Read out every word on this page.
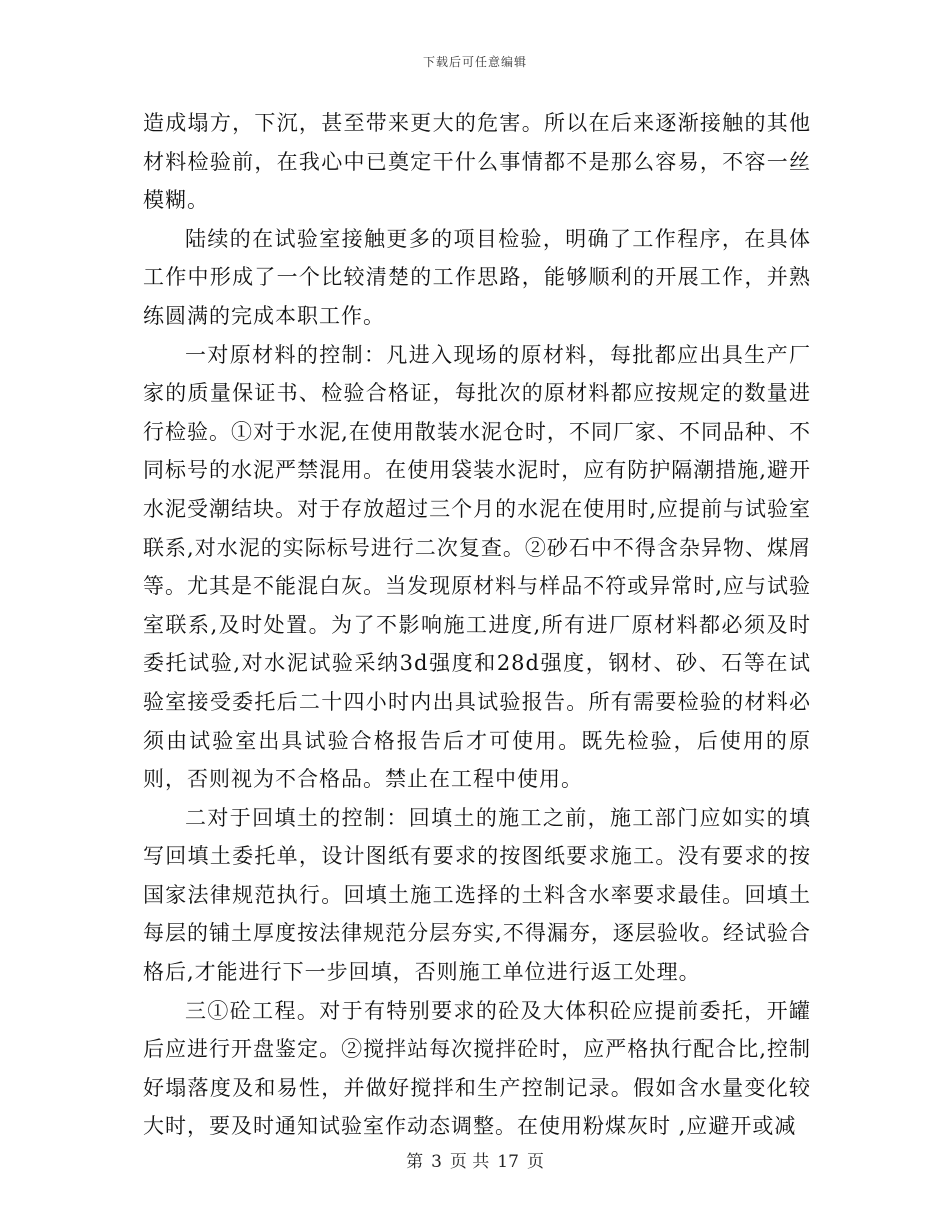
下载后可任意编辑

造成塌方，下沉，甚至带来更大的危害。所以在后来逐渐接触的其他材料检验前，在我心中已奠定干什么事情都不是那么容易，不容一丝模糊。

陆续的在试验室接触更多的项目检验，明确了工作程序，在具体工作中形成了一个比较清楚的工作思路，能够顺利的开展工作，并熟练圆满的完成本职工作。

一对原材料的控制：凡进入现场的原材料，每批都应出具生产厂家的质量保证书、检验合格证，每批次的原材料都应按规定的数量进行检验。①对于水泥,在使用散装水泥仓时，不同厂家、不同品种、不同标号的水泥严禁混用。在使用袋装水泥时，应有防护隔潮措施,避开水泥受潮结块。对于存放超过三个月的水泥在使用时,应提前与试验室联系,对水泥的实际标号进行二次复查。②砂石中不得含杂异物、煤屑等。尤其是不能混白灰。当发现原材料与样品不符或异常时,应与试验室联系,及时处置。为了不影响施工进度,所有进厂原材料都必须及时委托试验,对水泥试验采纳3d强度和28d强度，钢材、砂、石等在试验室接受委托后二十四小时内出具试验报告。所有需要检验的材料必须由试验室出具试验合格报告后才可使用。既先检验，后使用的原则，否则视为不合格品。禁止在工程中使用。

二对于回填土的控制：回填土的施工之前，施工部门应如实的填写回填土委托单，设计图纸有要求的按图纸要求施工。没有要求的按国家法律规范执行。回填土施工选择的土料含水率要求最佳。回填土每层的铺土厚度按法律规范分层夯实,不得漏夯，逐层验收。经试验合格后,才能进行下一步回填，否则施工单位进行返工处理。

三①砼工程。对于有特别要求的砼及大体积砼应提前委托，开罐后应进行开盘鉴定。②搅拌站每次搅拌砼时，应严格执行配合比,控制好塌落度及和易性，并做好搅拌和生产控制记录。假如含水量变化较大时，要及时通知试验室作动态调整。在使用粉煤灰时 ,应避开或减

第 3 页 共 17 页
